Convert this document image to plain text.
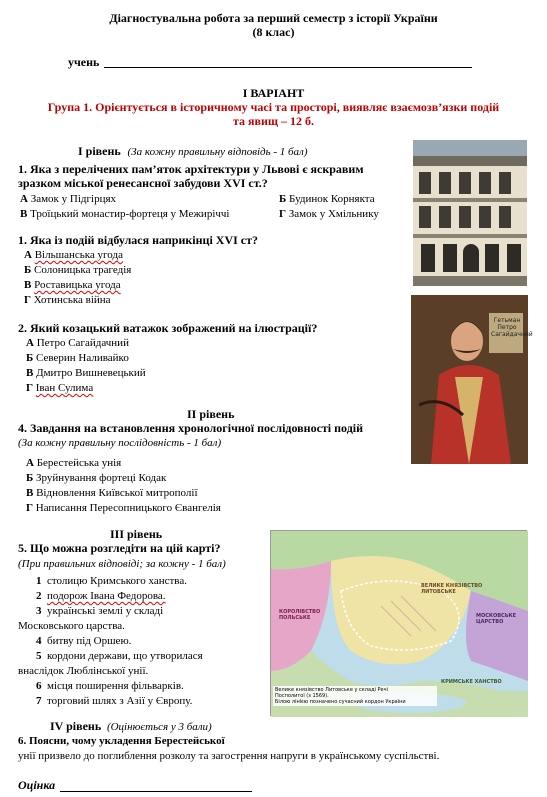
Діагностувальна робота за перший семестр з історії України
(8 клас)
учень
І ВАРІАНТ
Група 1. Орієнтується в історичному часі та просторі, виявляє взаємозв’язки подій
та явищ – 12 б.
І рівень (За кожну правильну відповідь - 1 бал)
1. Яка з перелічених пам’яток архітектури у Львові є яскравим
зразком міської ренесансної забудови XVI ст.?
А Замок у Підгірцях	Б Будинок Корнякта
В Троїцький монастир-фортеця у Межиріччі	Г Замок у Хмільнику
1. Яка із подій відбулася наприкінці XVI ст?
А Вільшанська угода
Б Солоницька трагедія
В Роставицька угода
Г Хотинська війна
2. Який козацький ватажок зображений на ілюстрації?
А Петро Сагайдачний
Б Северин Наливайко
В Дмитро Вишневецький
Г Іван Сулима
ІІ рівень
4. Завдання на встановлення хронологічної послідовності подій
(За кожну правильну послідовність - 1 бал)
А Берестейська унія
Б Зруйнування фортеці Кодак
В Відновлення Київської митрополії
Г Написання Пересопницького Євангелія
ІІІ рівень
5. Що можна розгледіти на цій карті?
(При правильних відповіді; за кожну - 1 бал)
1 столицю Кримського ханства.
2 подорож Івана Федорова.
3 українські землі у складі
Московського царства.
4 битву під Оршею.
5 кордони держави, що утворилася
внаслідок Люблінської унії.
6 місця поширення фільварків.
7 торговий шлях з Азії у Європу.
IV рівень (Оцінюється у 3 бали)
6. Поясни, чому укладення Берестейської
унії призвело до поглиблення розколу та загострення напруги в українському суспільстві.
Оцінка
Гетьман
Петро
Сагайдачний
ВЕЛИКЕ КНЯЗІВСТВО
ЛИТОВСЬКЕ
КОРОЛІВСТВО
ПОЛЬСЬКЕ	МОСКОВСЬКЕ
ЦАРСТВО
КРИМСЬКЕ ХАНСТВО
Велике князівство Литовське у складі Речі
Посполитої (з 1569).
Білою лінією позначено сучасний кордон України
